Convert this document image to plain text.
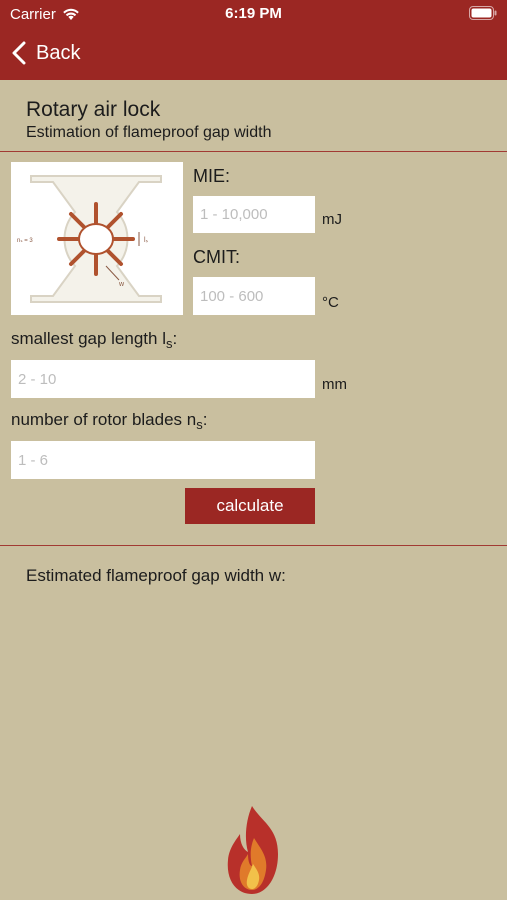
Carrier	6:19 PM
Back
Rotary air lock
Estimation of flameproof gap width
nₛ = 3	lₛ
w
MIE:
1 - 10,000
mJ
CMIT:
100 - 600
°C
smallest gap length $l_s$:
2 - 10
mm
number of rotor blades $n_s$:
1 - 6
calculate
Estimated flameproof gap width w:
